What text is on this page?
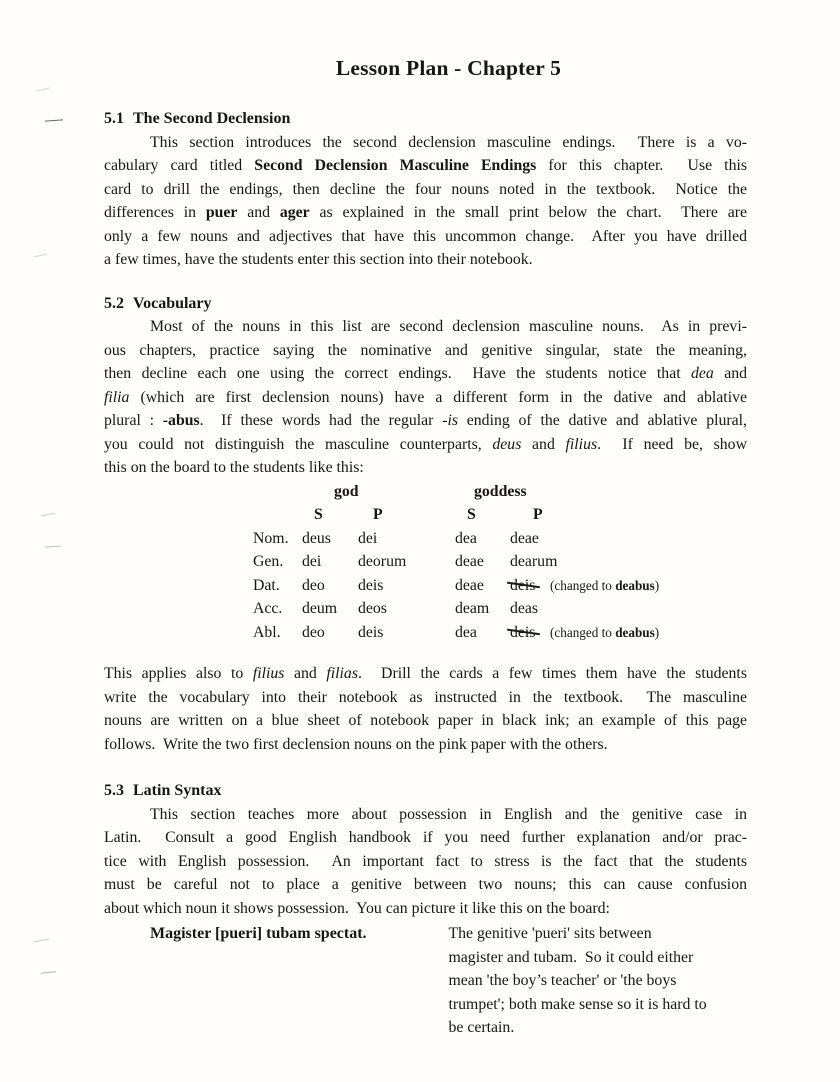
Lesson Plan - Chapter 5
5.1 The Second Declension
This section introduces the second declension masculine endings.  There is a vo-
cabulary card titled Second Declension Masculine Endings for this chapter.  Use this
card to drill the endings, then decline the four nouns noted in the textbook.  Notice the
differences in puer and ager as explained in the small print below the chart.  There are
only a few nouns and adjectives that have this uncommon change.  After you have drilled
a few times, have the students enter this section into their notebook.
5.2 Vocabulary
Most of the nouns in this list are second declension masculine nouns.  As in previ-
ous chapters, practice saying the nominative and genitive singular, state the meaning,
then decline each one using the correct endings.  Have the students notice that dea and
filia (which are first declension nouns) have a different form in the dative and ablative
plural : -abus.  If these words had the regular -is ending of the dative and ablative plural,
you could not distinguish the masculine counterparts, deus and filius.  If need be, show
this on the board to the students like this:
god	goddess
S	P	S	P
Nom. deus	dei	dea	deae
Gen.	dei	deorum	deae	dearum
Dat.	deo	deis	deae	deis	(changed to deabus)
Acc.	deum	deos	deam	deas
Abl.	deo	deis	dea	deis	(changed to deabus)
This applies also to filius and filias.  Drill the cards a few times them have the students
write the vocabulary into their notebook as instructed in the textbook.  The masculine
nouns are written on a blue sheet of notebook paper in black ink; an example of this page
follows.  Write the two first declension nouns on the pink paper with the others.
5.3 Latin Syntax
This section teaches more about possession in English and the genitive case in
Latin.  Consult a good English handbook if you need further explanation and/or prac-
tice with English possession.  An important fact to stress is the fact that the students
must be careful not to place a genitive between two nouns; this can cause confusion
about which noun it shows possession.  You can picture it like this on the board:
Magister [pueri] tubam spectat.	The genitive 'pueri' sits between
magister and tubam.  So it could either
mean 'the boy’s teacher' or 'the boys
trumpet'; both make sense so it is hard to
be certain.
